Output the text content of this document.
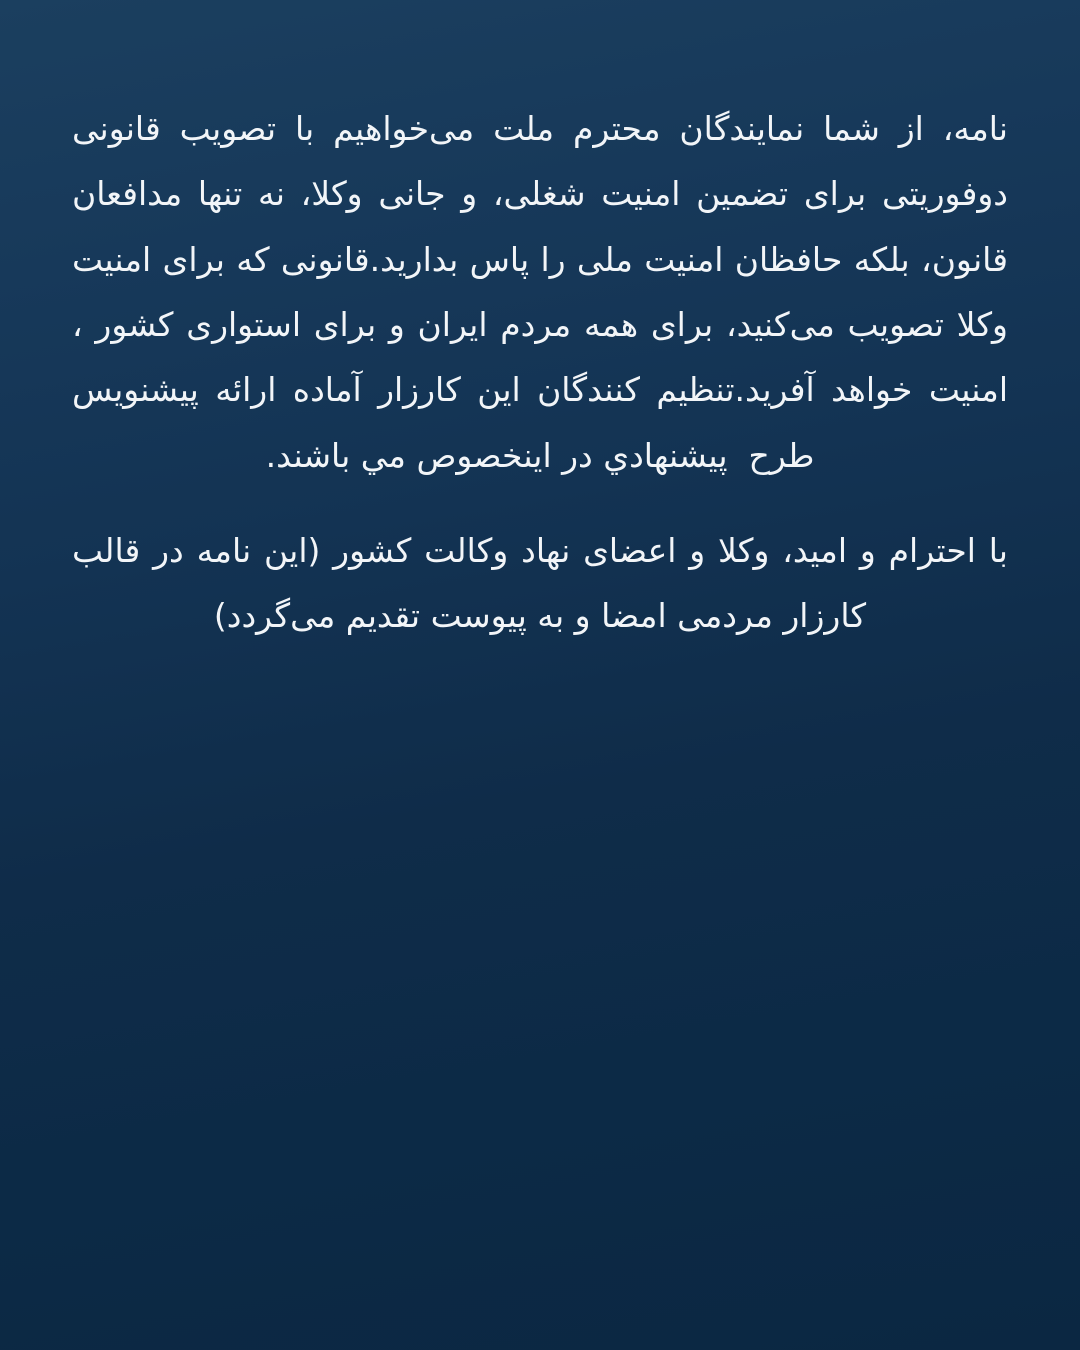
نامه، از شما نمایندگان محترم ملت می‌خواهیم با تصویب قانونی دوفوریتی برای تضمین امنیت شغلی، و جانی وکلا، نه تنها مدافعان قانون، بلکه حافظان امنیت ملی را پاس بدارید.قانونی که برای امنیت وکلا تصویب می‌کنید، برای همه مردم ایران و برای استواری کشور ، امنیت خواهد آفرید.تنظیم کنندگان این کارزار آماده ارائه پیشنویس طرح  پیشنهادي در اینخصوص مي باشند.

با احترام و امید، وکلا و اعضای نهاد وکالت کشور (این نامه در قالب کارزار مردمی امضا و به پیوست تقدیم می‌گردد)
